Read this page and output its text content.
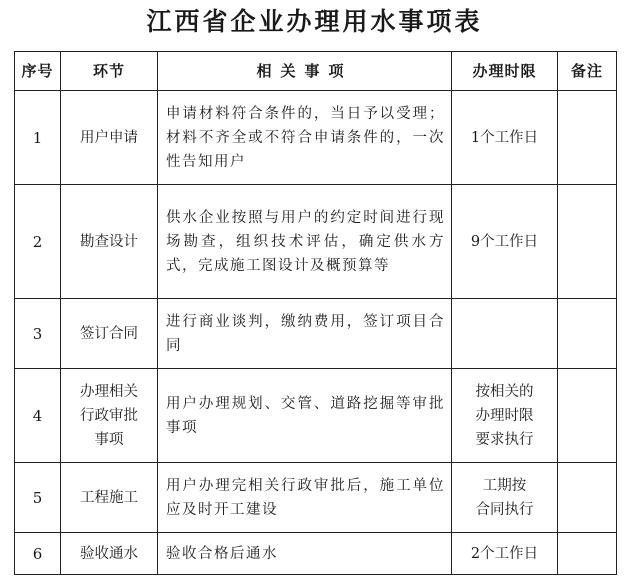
江西省企业办理用水事项表
序号	环节	相关事项	办理时限	备注
1	用户申请	申请材料符合条件的，当日予以受理；材料不齐全或不符合申请条件的，一次性告知用户	1个工作日	
2	勘查设计	供水企业按照与用户的约定时间进行现场勘查，组织技术评估，确定供水方式，完成施工图设计及概预算等	9个工作日	
3	签订合同	进行商业谈判，缴纳费用，签订项目合同		
4	办理相关
行政审批
事项	用户办理规划、交管、道路挖掘等审批事项	按相关的
办理时限
要求执行	

5	工程施工	用户办理完相关行政审批后，施工单位应及时开工建设	工期按
合同执行	

6	验收通水	验收合格后通水	2个工作日	
